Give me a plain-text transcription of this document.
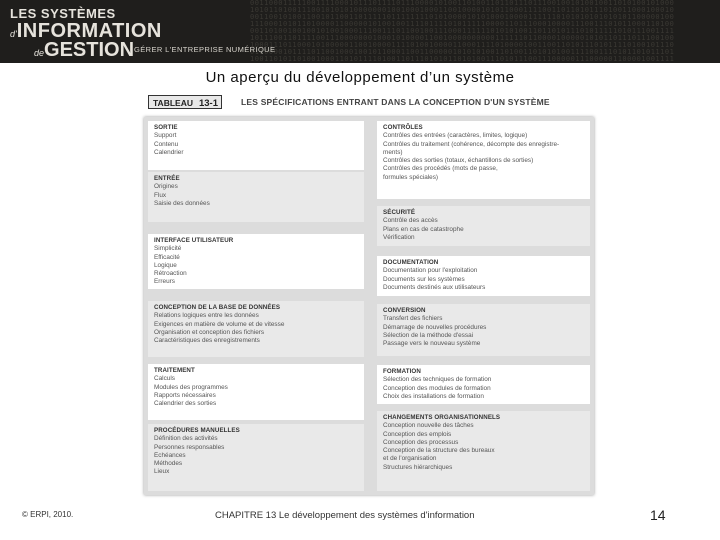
001100011111001111000101110111101110000101001101001101101110111001001010010011010100101000
101011010011100101010100000001001000100011001000010101100011110011011010111010011000100010
001100101001100101100110111110111111110101000010101000100001111110101010101010101100000100
111000101011010000110000010100100111101111010111110000110111000100001110011101011000110100
001101001001001010010001110011101100100111000111111010101001101101011101011111010111001111
101110011011110011100000001000101000011001000000000011111101100001000001010110111011100100
100011101100010100000110010000111101001000011000111101000010011001101011101011110100101110
011000010111101100100010010110001100110000010101010011010011010101001111001110101101011101
100110101101001000110101111010011011101010110101001110101110011100000111000001100001001111

LES SYSTÈMES
d'INFORMATION
deGESTION GÉRER L'ENTREPRISE NUMÉRIQUE
Un aperçu du développement d’un système
TABLEAU 13-1	LES SPÉCIFICATIONS ENTRANT DANS LA CONCEPTION D'UN SYSTÈME
SORTIE
Support
Contenu
Calendrier
ENTRÉE
Origines
Flux
Saisie des données
INTERFACE UTILISATEUR
Simplicité
Efficacité
Logique
Rétroaction
Erreurs
CONCEPTION DE LA BASE DE DONNÉES
Relations logiques entre les données
Exigences en matière de volume et de vitesse
Organisation et conception des fichiers
Caractéristiques des enregistrements
TRAITEMENT
Calculs
Modules des programmes
Rapports nécessaires
Calendrier des sorties
PROCÉDURES MANUELLES
Définition des activités
Personnes responsables
Échéances
Méthodes
Lieux
CONTRÔLES
Contrôles des entrées (caractères, limites, logique)
Contrôles du traitement (cohérence, décompte des enregistre-
ments)
Contrôles des sorties (totaux, échantillons de sorties)
Contrôles des procédés (mots de passe,
formules spéciales)
SÉCURITÉ
Contrôle des accès
Plans en cas de catastrophe
Vérification
DOCUMENTATION
Documentation pour l'exploitation
Documents sur les systèmes
Documents destinés aux utilisateurs
CONVERSION
Transfert des fichiers
Démarrage de nouvelles procédures
Sélection de la méthode d'essai
Passage vers le nouveau système
FORMATION
Sélection des techniques de formation
Conception des modules de formation
Choix des installations de formation
CHANGEMENTS ORGANISATIONNELS
Conception nouvelle des tâches
Conception des emplois
Conception des processus
Conception de la structure des bureaux
et de l'organisation
Structures hiérarchiques
© ERPI, 2010.	CHAPITRE 13 Le développement des systèmes d'information	14
